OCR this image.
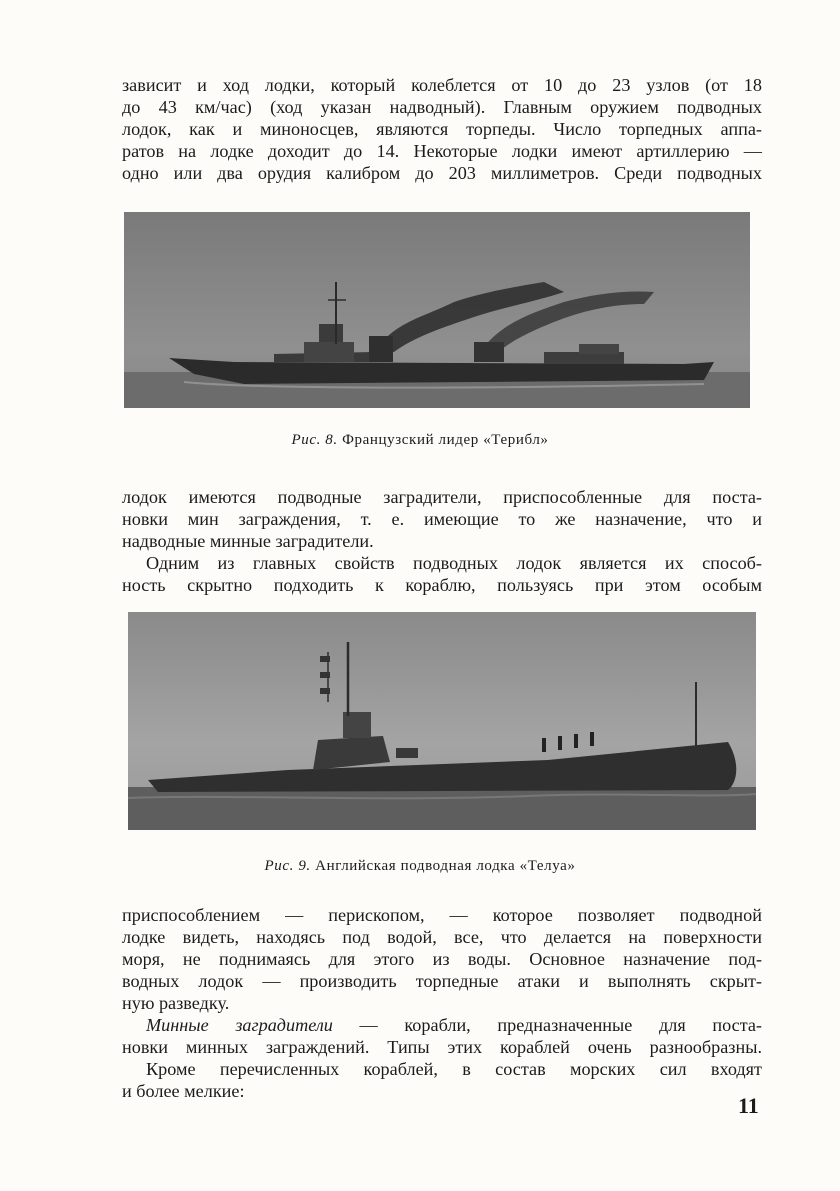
зависит и ход лодки, который колеблется от 10 до 23 узлов (от 18
до 43 км/час) (ход указан надводный). Главным оружием подводных
лодок, как и миноносцев, являются торпеды. Число торпедных аппа-
ратов на лодке доходит до 14. Некоторые лодки имеют артиллерию —
одно или два орудия калибром до 203 миллиметров. Среди подводных

Рис. 8. Французский лидер «Терибл»

лодок имеются подводные заградители, приспособленные для поста-
новки мин заграждения, т. е. имеющие то же назначение, что и
надводные минные заградители.

Одним из главных свойств подводных лодок является их способ-
ность скрытно подходить к кораблю, пользуясь при этом особым

Рис. 9. Английская подводная лодка «Телуа»

приспособлением — перископом, — которое позволяет подводной
лодке видеть, находясь под водой, все, что делается на поверхности
моря, не поднимаясь для этого из воды. Основное назначение под-
водных лодок — производить торпедные атаки и выполнять скрыт-
ную разведку.

Минные заградители — корабли, предназначенные для поста-
новки минных заграждений. Типы этих кораблей очень разнообразны.

Кроме перечисленных кораблей, в состав морских сил входят
и более мелкие:

11
